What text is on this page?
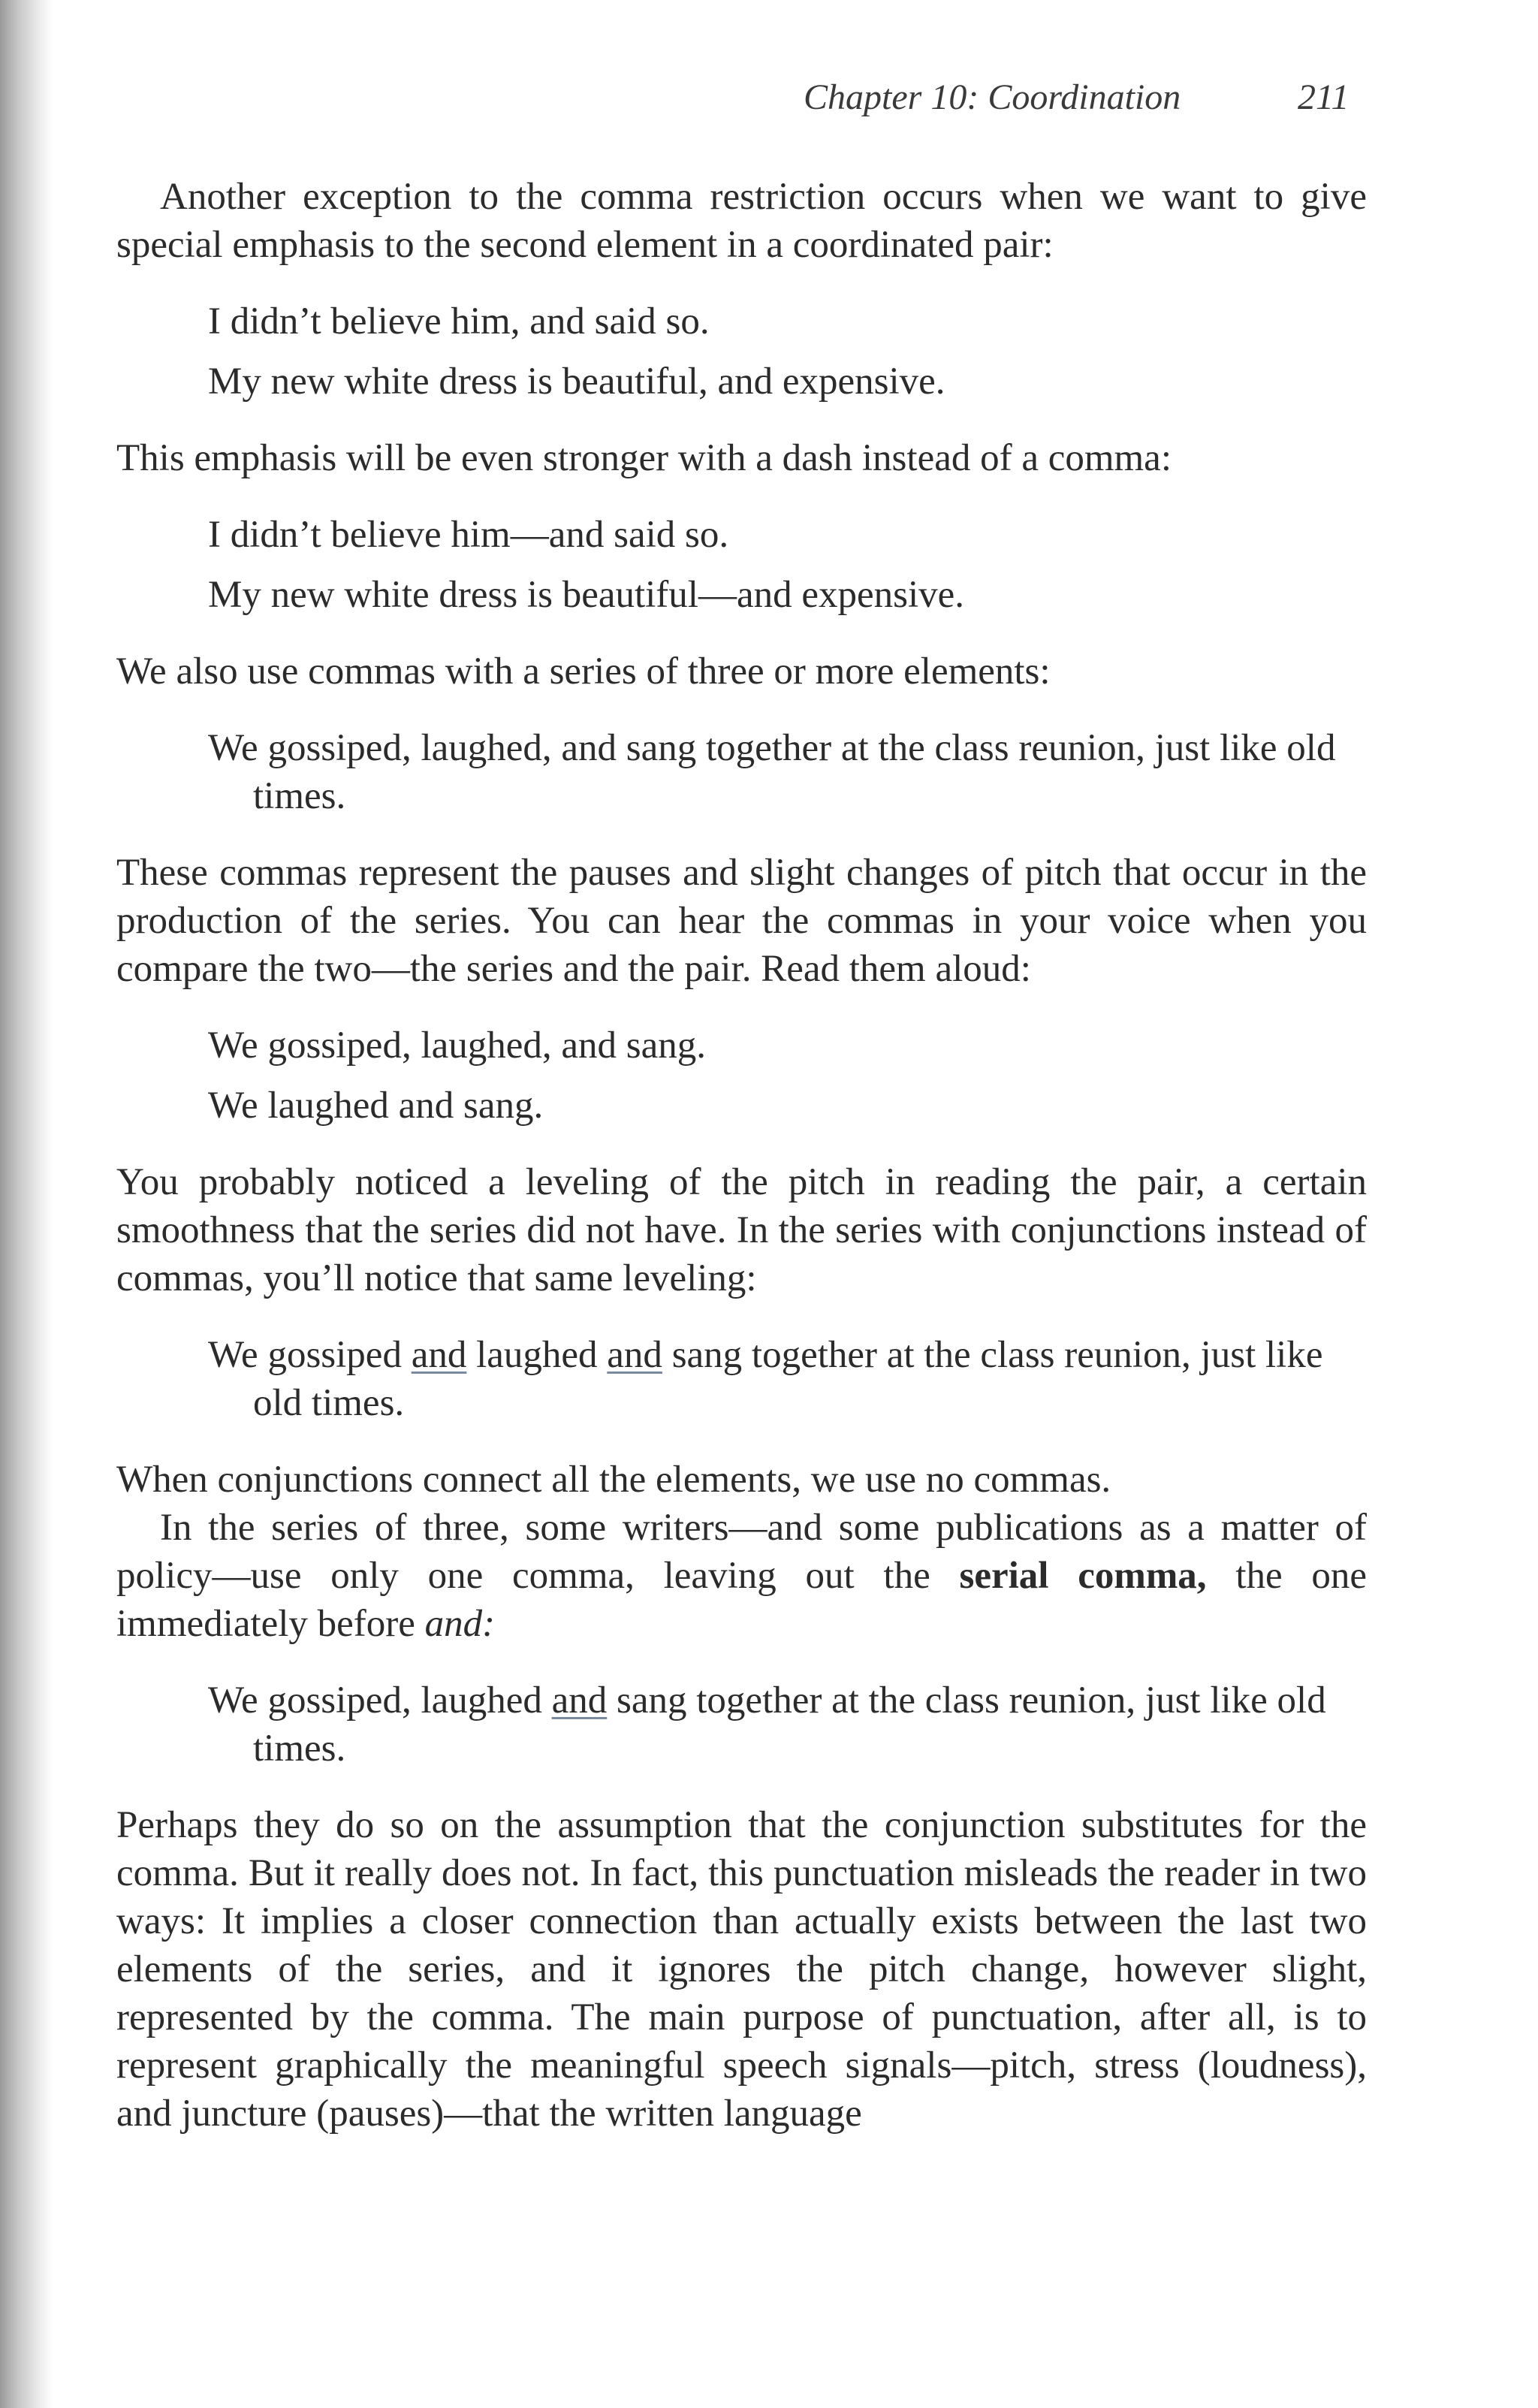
Chapter 10: Coordination	211

Another exception to the comma restriction occurs when we want to give special emphasis to the second element in a coordinated pair:

I didn’t believe him, and said so.

My new white dress is beautiful, and expensive.

This emphasis will be even stronger with a dash instead of a comma:

I didn’t believe him—and said so.

My new white dress is beautiful—and expensive.

We also use commas with a series of three or more elements:

We gossiped, laughed, and sang together at the class reunion, just like old times.

These commas represent the pauses and slight changes of pitch that occur in the production of the series. You can hear the commas in your voice when you compare the two—the series and the pair. Read them aloud:

We gossiped, laughed, and sang.

We laughed and sang.

You probably noticed a leveling of the pitch in reading the pair, a certain smoothness that the series did not have. In the series with conjunctions instead of commas, you’ll notice that same leveling:

We gossiped and laughed and sang together at the class reunion, just like old times.

When conjunctions connect all the elements, we use no commas.

In the series of three, some writers—and some publications as a matter of policy—use only one comma, leaving out the serial comma, the one immediately before and:

We gossiped, laughed and sang together at the class reunion, just like old times.

Perhaps they do so on the assumption that the conjunction substitutes for the comma. But it really does not. In fact, this punctuation misleads the reader in two ways: It implies a closer connection than actually exists between the last two elements of the series, and it ignores the pitch change, however slight, represented by the comma. The main purpose of punctuation, after all, is to represent graphically the meaningful speech signals—pitch, stress (loudness), and juncture (pauses)—that the written language
